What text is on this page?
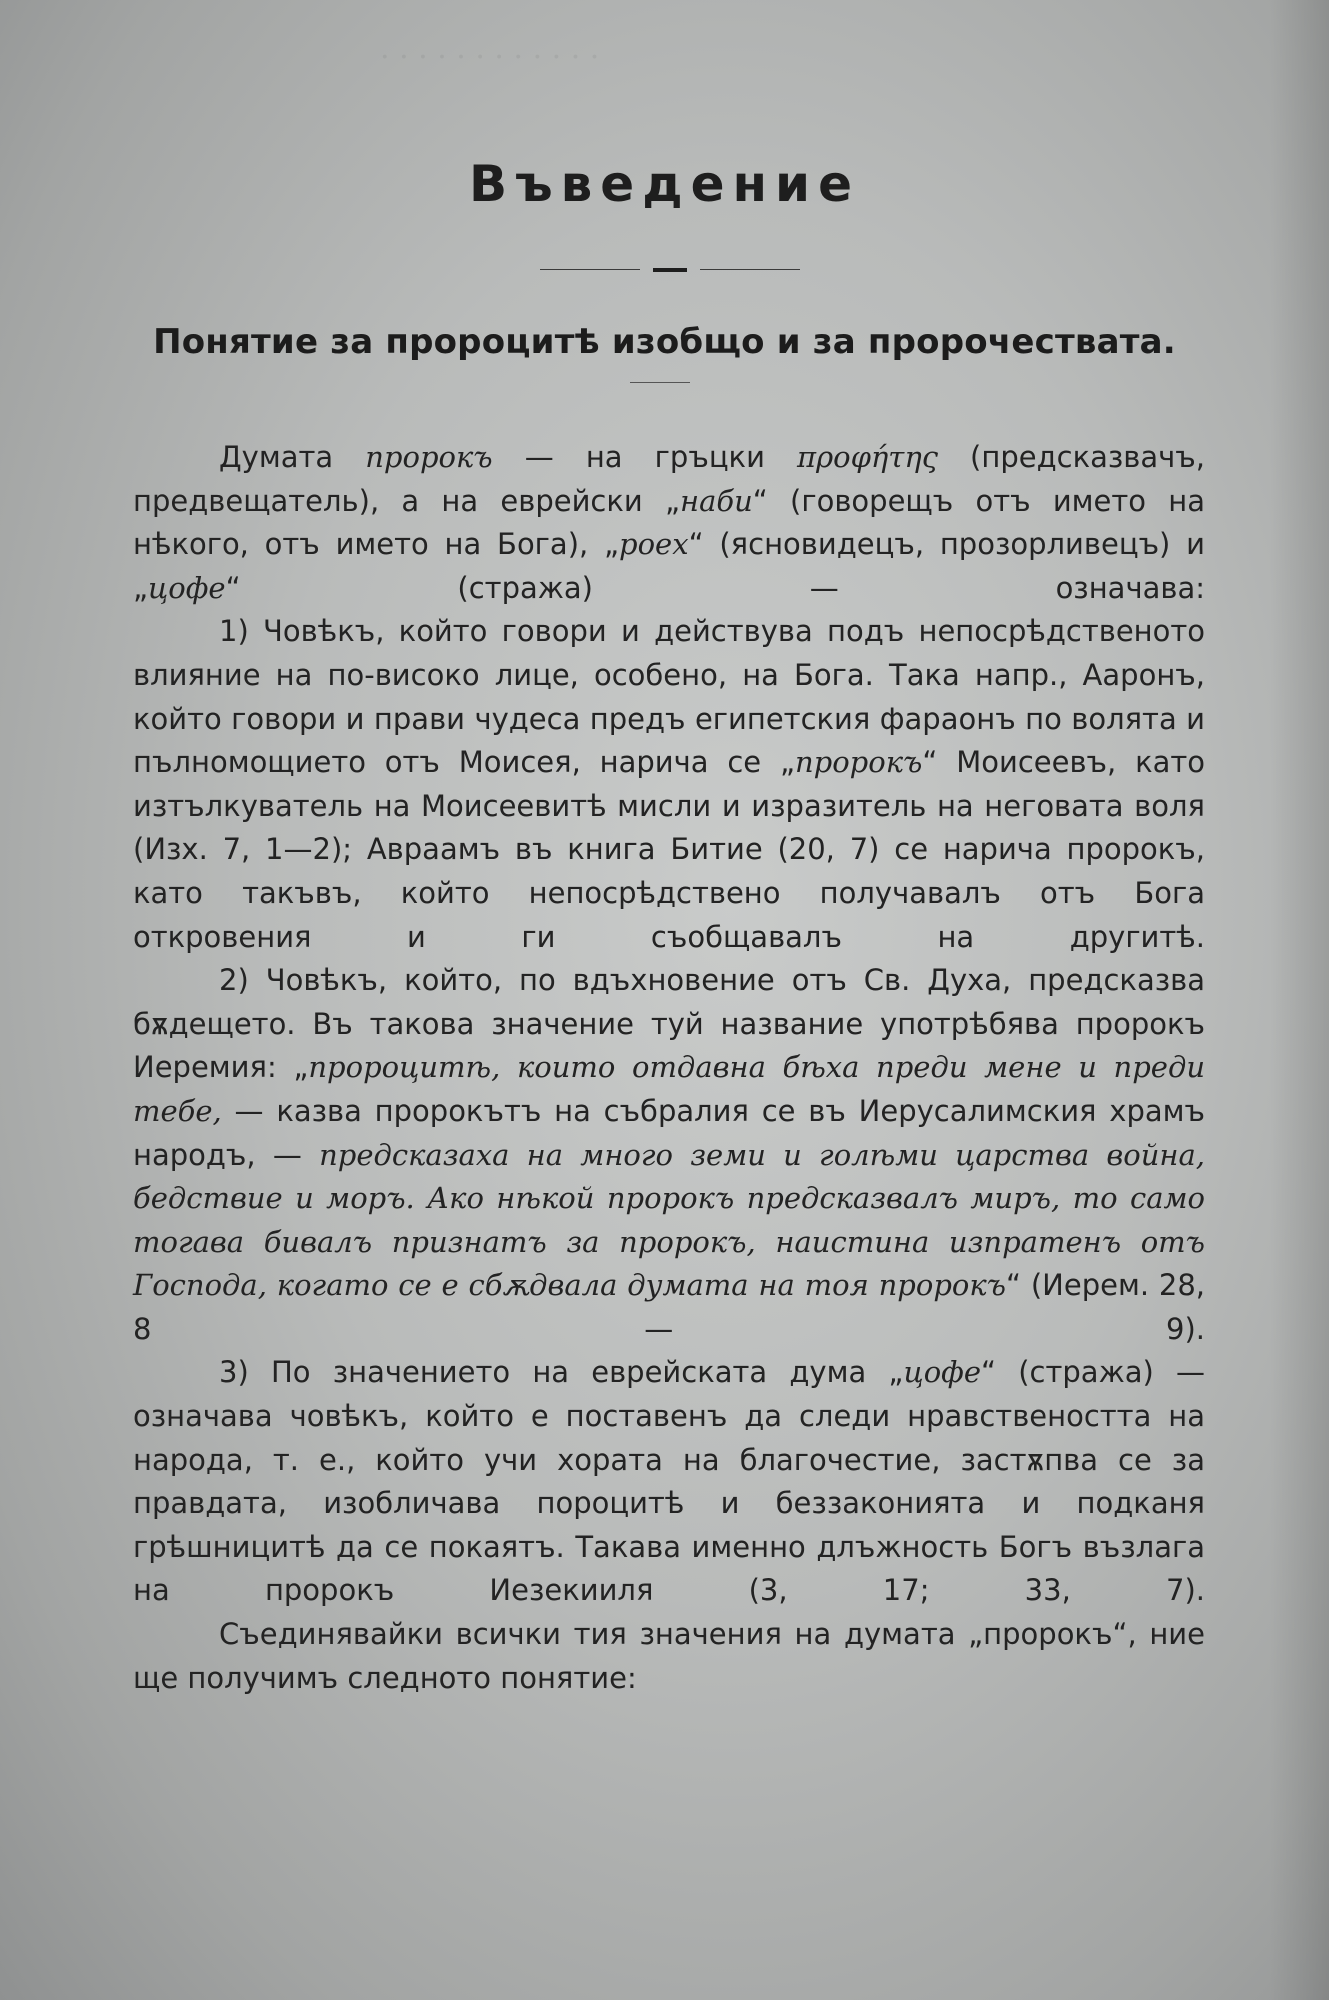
· · · · · · · · · · · ·
Въведение
Понятие за пророцитѣ изобщо и за пророчествата.

Думата пророкъ — на гръцки προφήτης (предсказвачъ, предвещатель), а на еврейски „наби“ (говорещъ отъ името на нѣкого, отъ името на Бога), „роех“ (ясновидецъ, прозорливецъ) и „цофе“ (стража) — означава:

1) Човѣкъ, който говори и действува подъ непосрѣдственото влияние на по-високо лице, особено, на Бога. Така напр., Ааронъ, който говори и прави чудеса предъ египетския фараонъ по волята и пълномощието отъ Моисея, нарича се „пророкъ“ Моисеевъ, като изтълкуватель на Моисеевитѣ мисли и изразитель на неговата воля (Изх. 7, 1—2); Авраамъ въ книга Битие (20, 7) се нарича пророкъ, като такъвъ, който непосрѣдствено получавалъ отъ Бога откровения и ги съобщавалъ на другитѣ.

2) Човѣкъ, който, по вдъхновение отъ Св. Духа, предсказва бѫдещето. Въ такова значение туй название употрѣбява пророкъ Иеремия: „пророцитѣ, които отдавна бѣха преди мене и преди тебе, — казва пророкътъ на събралия се въ Иерусалимския храмъ народъ, — предсказаха на много земи и голѣми царства война, бедствие и моръ. Ако нѣкой пророкъ предсказвалъ миръ, то само тогава бивалъ признатъ за пророкъ, наистина изпратенъ отъ Господа, когато се е сбѫдвала думата на тоя пророкъ“ (Иерем. 28, 8 — 9).

3) По значението на еврейската дума „цофе“ (стража) — означава човѣкъ, който е поставенъ да следи нравствеността на народа, т. е., който учи хората на благочестие, застѫпва се за правдата, изобличава пороцитѣ и беззаконията и подканя грѣшницитѣ да се покаятъ. Такава именно длъжность Богъ възлага на пророкъ Иезекииля (3, 17; 33, 7).

Съединявайки всички тия значения на думата „пророкъ“, ние ще получимъ следното понятие:
